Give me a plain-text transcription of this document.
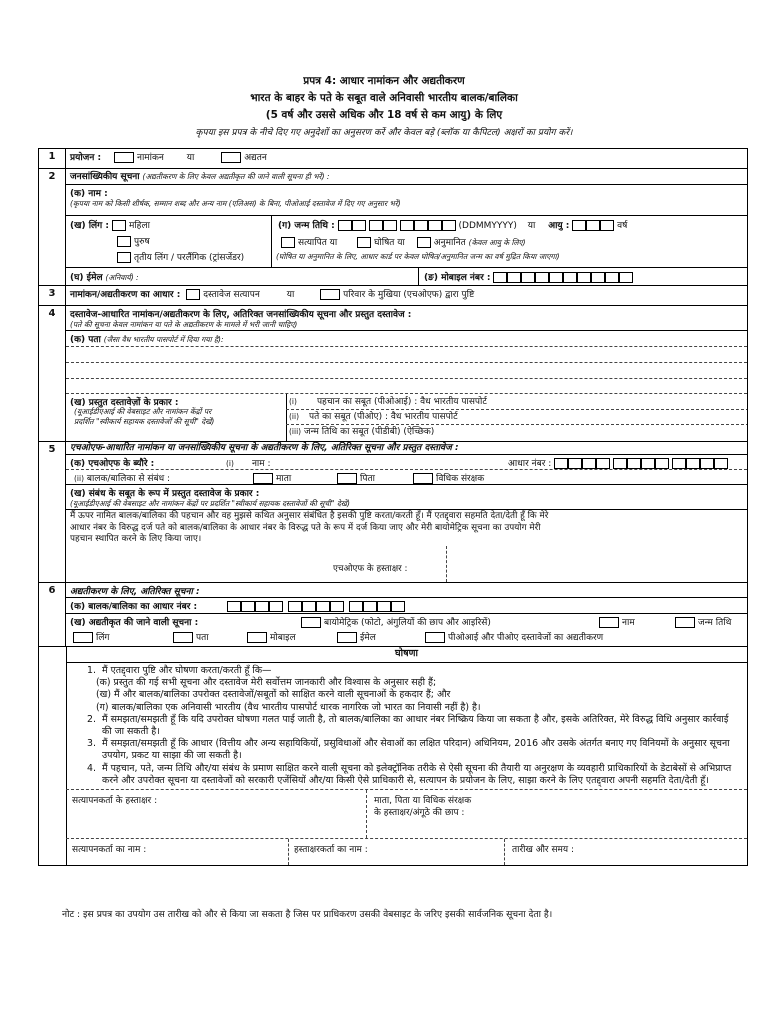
प्रपत्र 4: आधार नामांकन और अद्यतीकरण
भारत के बाहर के पते के सबूत वाले अनिवासी भारतीय बालक/बालिका
(5 वर्ष और उससे अधिक और 18 वर्ष से कम आयु) के लिए
कृपया इस प्रपत्र के नीचे दिए गए अनुदेशों का अनुसरण करें और केवल बड़े (ब्लॉक या कैपिटल) अक्षरों का प्रयोग करें।
1	प्रयोजन :	नामांकन	या	अद्यतन
2	जनसांख्यिकीय सूचना (अद्यतीकरण के लिए केवल अद्यतीकृत की जाने वाली सूचना ही भरें) :
(क) नाम :
(कृपया नाम को किसी शीर्षक, सम्मान शब्द और अन्य नाम (एलिअस) के बिना, पीओआई दस्तावेज में दिए गए अनुसार भरें)
(ख) लिंग : महिला
पुरुष
तृतीय लिंग / परलैंगिक (ट्रांसजेंडर)
(ग) जन्म तिथि :	(DDMMYYYY) या आयु :	वर्ष
सत्यापित या	घोषित या	अनुमानित (केवल आयु के लिए)
(घोषित या अनुमानित के लिए, आधार कार्ड पर केवल घोषित/अनुमानित जन्म का वर्ष मुद्रित किया जाएगा)
(घ) ईमेल (अनिवार्य) :	(ङ) मोबाइल नंबर :
3	नामांकन/अद्यतीकरण का आधार :	दस्तावेज सत्यापन	या	परिवार के मुखिया (एचओएफ) द्वारा पुष्टि
4	दस्तावेज-आधारित नामांकन/अद्यतीकरण के लिए, अतिरिक्त जनसांख्यिकीय सूचना और प्रस्तुत दस्तावेज :
(पते की सूचना केवल नामांकन या पते के अद्यतीकरण के मामले में भरी जानी चाहिए)
(क) पता (जैसा वैध भारतीय पासपोर्ट में दिया गया है):
(ख) प्रस्तुत दस्तावेज़ों के प्रकार :
(यूआईडीएआई की वेबसाइट और नामांकन केंद्रों पर
प्रदर्शित "स्वीकार्य सहायक दस्तावेजों की सूची" देखें)
(i) पहचान का सबूत (पीओआई) : वैध भारतीय पासपोर्ट
(ii) पते का सबूत (पीओए) : वैध भारतीय पासपोर्ट
(iii) जन्म तिथि का सबूत (पीडीबी) (ऐच्छिक)
5	एचओएफ-आधारित नामांकन या जनसांख्यिकीय सूचना के अद्यतीकरण के लिए, अतिरिक्त सूचना और प्रस्तुत दस्तावेज :
(क) एचओएफ के ब्यौरे :	(i) नाम :	आधार नंबर :
(ii) बालक/बालिका से संबंध :	माता	पिता	विधिक संरक्षक
(ख) संबंध के सबूत के रूप में प्रस्तुत दस्तावेज के प्रकार :
(यूआईडीएआई की वेबसाइट और नामांकन केंद्रों पर प्रदर्शित "स्वीकार्य सहायक दस्तावेजों की सूची" देखें)
मैं ऊपर नामित बालक/बालिका की पहचान और वह मुझसे कथित अनुसार संबंधित है इसकी पुष्टि करता/करती हूँ। मैं एतद्द्वारा सहमति देता/देती हूँ कि मेरे
आधार नंबर के विरुद्ध दर्ज पते को बालक/बालिका के आधार नंबर के विरुद्ध पते के रूप में दर्ज किया जाए और मेरी बायोमेट्रिक सूचना का उपयोग मेरी
पहचान स्थापित करने के लिए किया जाए।
एचओएफ के हस्ताक्षर :
6	अद्यतीकरण के लिए, अतिरिक्त सूचना :
(क) बालक/बालिका का आधार नंबर :
(ख) अद्यतीकृत की जाने वाली सूचना :	बायोमेट्रिक (फोटो, अंगुलियों की छाप और आइरिसें)	नाम	जन्म तिथि
लिंग	पता	मोबाइल	ईमेल	पीओआई और पीओए दस्तावेजों का अद्यतीकरण
घोषणा
1. मैं एतद्द्वारा पुष्टि और घोषणा करता/करती हूँ कि—
(क) प्रस्तुत की गई सभी सूचना और दस्तावेज मेरी सर्वोत्तम जानकारी और विश्वास के अनुसार सही हैं;
(ख) मैं और बालक/बालिका उपरोक्त दस्तावेजों/सबूतों को साक्षित करने वाली सूचनाओं के हकदार हैं; और
(ग) बालक/बालिका एक अनिवासी भारतीय (वैध भारतीय पासपोर्ट धारक नागरिक जो भारत का निवासी नहीं है) है।
2. मैं समझता/समझती हूँ कि यदि उपरोक्त घोषणा गलत पाई जाती है, तो बालक/बालिका का आधार नंबर निष्क्रिय किया जा सकता है और, इसके अतिरिक्त, मेरे विरुद्ध विधि अनुसार कार्रवाई की जा सकती है।
3. मैं समझता/समझती हूँ कि आधार (वित्तीय और अन्य सहायिकियों, प्रसुविधाओं और सेवाओं का लक्षित परिदान) अधिनियम, 2016 और उसके अंतर्गत बनाए गए विनियमों के अनुसार सूचना उपयोग, प्रकट या साझा की जा सकती है।
4. मैं पहचान, पते, जन्म तिथि और/या संबंध के प्रमाण साक्षित करने वाली सूचना को इलेक्ट्रॉनिक तरीके से ऐसी सूचना की तैयारी या अनुरक्षण के व्यवहारी प्राधिकारियों के डेटाबेसों से अभिप्राप्त करने और उपरोक्त सूचना या दस्तावेजों को सरकारी एजेंसियों और/या किसी ऐसे प्राधिकारी से, सत्यापन के प्रयोजन के लिए, साझा करने के लिए एतद्द्वारा अपनी सहमति देता/देती हूँ।
सत्यापनकर्ता के हस्ताक्षर :	माता, पिता या विधिक संरक्षक
के हस्ताक्षर/अंगूठे की छाप :
सत्यापनकर्ता का नाम :	हस्ताक्षरकर्ता का नाम :	तारीख और समय :
नोट : इस प्रपत्र का उपयोग उस तारीख को और से किया जा सकता है जिस पर प्राधिकरण उसकी वेबसाइट के जरिए इसकी सार्वजनिक सूचना देता है।
